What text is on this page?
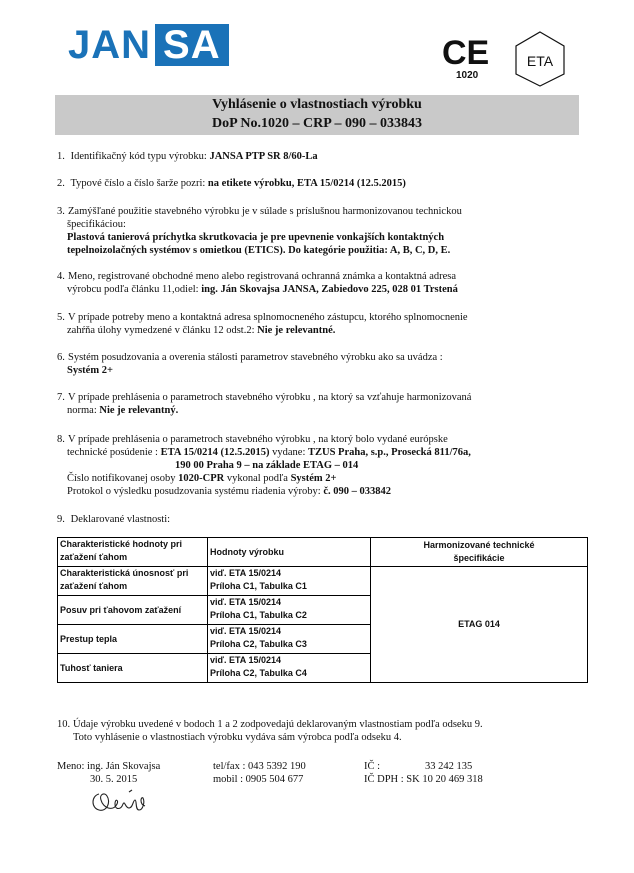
JAN SA	CE	ETA
1020
Vyhlásenie o vlastnostiach výrobku
DoP No.1020 – CRP – 090 – 033843
1. Identifikačný kód typu výrobku: JANSA PTP SR 8/60-La
2. Typové číslo a číslo šarže pozri: na etikete výrobku, ETA 15/0214 (12.5.2015)
3. Zamýšľané použitie stavebného výrobku je v súlade s príslušnou harmonizovanou technickou
špecifikáciou:
Plastová tanierová príchytka skrutkovacia je pre upevnenie vonkajších kontaktných
tepelnoizolačných systémov s omietkou (ETICS). Do kategórie použitia: A, B, C, D, E.
4. Meno, registrované obchodné meno alebo registrovaná ochranná známka a kontaktná adresa
výrobcu podľa článku 11,odiel: ing. Ján Skovajsa JANSA, Zabiedovo 225, 028 01 Trstená
5. V prípade potreby meno a kontaktná adresa splnomocneného zástupcu, ktorého splnomocnenie
zahŕňa úlohy vymedzené v článku 12 odst.2: Nie je relevantné.
6. Systém posudzovania a overenia stálosti parametrov stavebného výrobku ako sa uvádza :
Systém 2+
7. V prípade prehlásenia o parametroch stavebného výrobku , na ktorý sa vzťahuje harmonizovaná
norma: Nie je relevantný.
8. V prípade prehlásenia o parametroch stavebného výrobku , na ktorý bolo vydané európske
technické posúdenie : ETA 15/0214 (12.5.2015) vydane: TZUS Praha, s.p., Prosecká 811/76a,
190 00 Praha 9 – na základe ETAG – 014
Číslo notifikovanej osoby 1020-CPR vykonal podľa Systém 2+
Protokol o výsledku posudzovania systému riadenia výroby: č. 090 – 033842
9. Deklarované vlastnosti:
Charakteristické hodnoty pri zaťažení ťahom	Hodnoty výrobku	Harmonizované technické
špecifikácie

Charakteristická únosnosť pri zaťažení ťahom	viď. ETA 15/0214
Príloha C1, Tabulka C1	ETAG 014
Posuv pri ťahovom zaťažení	viď. ETA 15/0214
Príloha C1, Tabulka C2	

Prestup tepla	viď. ETA 15/0214
Príloha C2, Tabulka C3	

Tuhosť taniera	viď. ETA 15/0214
Príloha C2, Tabulka C4	
10. Údaje výrobku uvedené v bodoch 1 a 2 zodpovedajú deklarovaným vlastnostiam podľa odseku 9.
Toto vyhlásenie o vlastnostiach výrobku vydáva sám výrobca podľa odseku 4.
Meno: ing. Ján Skovajsa
30. 5. 2015
tel/fax : 043 5392 190
mobil : 0905 504 677
IČ :	33 242 135
IČ DPH : SK 10 20 469 318
